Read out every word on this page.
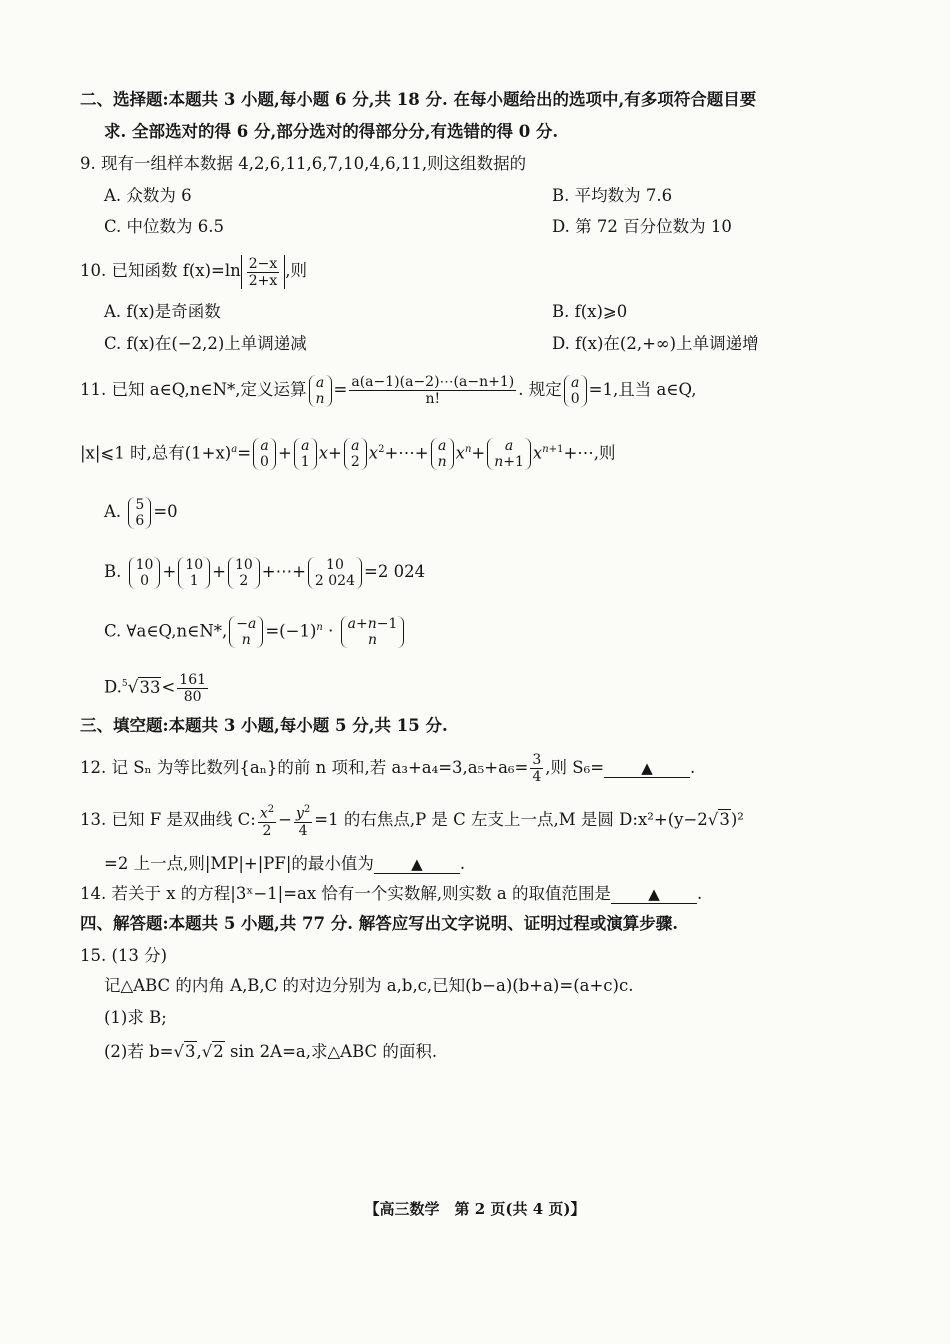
二、选择题:本题共 3 小题,每小题 6 分,共 18 分. 在每小题给出的选项中,有多项符合题目要
求. 全部选对的得 6 分,部分选对的得部分分,有选错的得 0 分.
9. 现有一组样本数据 4,2,6,11,6,7,10,4,6,11,则这组数据的
A. 众数为 6	B. 平均数为 7.6
C. 中位数为 6.5	D. 第 72 百分位数为 10
10. 已知函数 $f(x)=\ln \frac{2-x}{2+x}$ ,则
A. f(x)是奇函数	B. f(x)⩾0
C. f(x)在(−2,2)上单调递减	D. f(x)在(2,+∞)上单调递增
11. 已知 a∈Q,n∈N*,定义运算 a
$n = \frac{a(a-1)(a-2)\cdots(a-n+1)}{n!}$ . 规定 a
0 =1,且当 a∈Q,
|x|⩽1 时,总有$(1+x)^a= a$
0 + a
1 x+ a
2 $x^2+\cdots+ a$
n $x^n+$	a
n+1 $x^{n+1}+\cdots$,则
A. 5
6 =0
B. 10
0 + 10
1 + 10
2 +⋯+	10
2 024 =2 024
C. ∀a∈Q,n∈N*, −a
$n =(-1)^n \cdot a+n-1$
n
$D.^5√33< \frac{161}{80}$
三、填空题:本题共 3 小题,每小题 5 分,共 15 分.
12. 记 Sₙ 为等比数列{aₙ}的前 n 项和,若 $a_3+a_4=3,a_5+a_6= \frac{3}{4}$ ,则 S₆= ▲ .
13. 已知 F 是双曲线 C: $\frac{x^2}{2} - \frac{y^2}{4} =1$ 的右焦点,P 是 C 左支上一点,M 是圆 D:x²+(y−2√3)²
=2 上一点,则|MP|+|PF|的最小值为 ▲ .
14. 若关于 x 的方程|3ˣ−1|=ax 恰有一个实数解,则实数 a 的取值范围是 ▲ .
四、解答题:本题共 5 小题,共 77 分. 解答应写出文字说明、证明过程或演算步骤.
15. (13 分)
记△ABC 的内角 A,B,C 的对边分别为 a,b,c,已知(b−a)(b+a)=(a+c)c.
(1)求 B;
(2)若 b=√3,√2 sin 2A=a,求△ABC 的面积.
【高三数学　第 2 页(共 4 页)】
